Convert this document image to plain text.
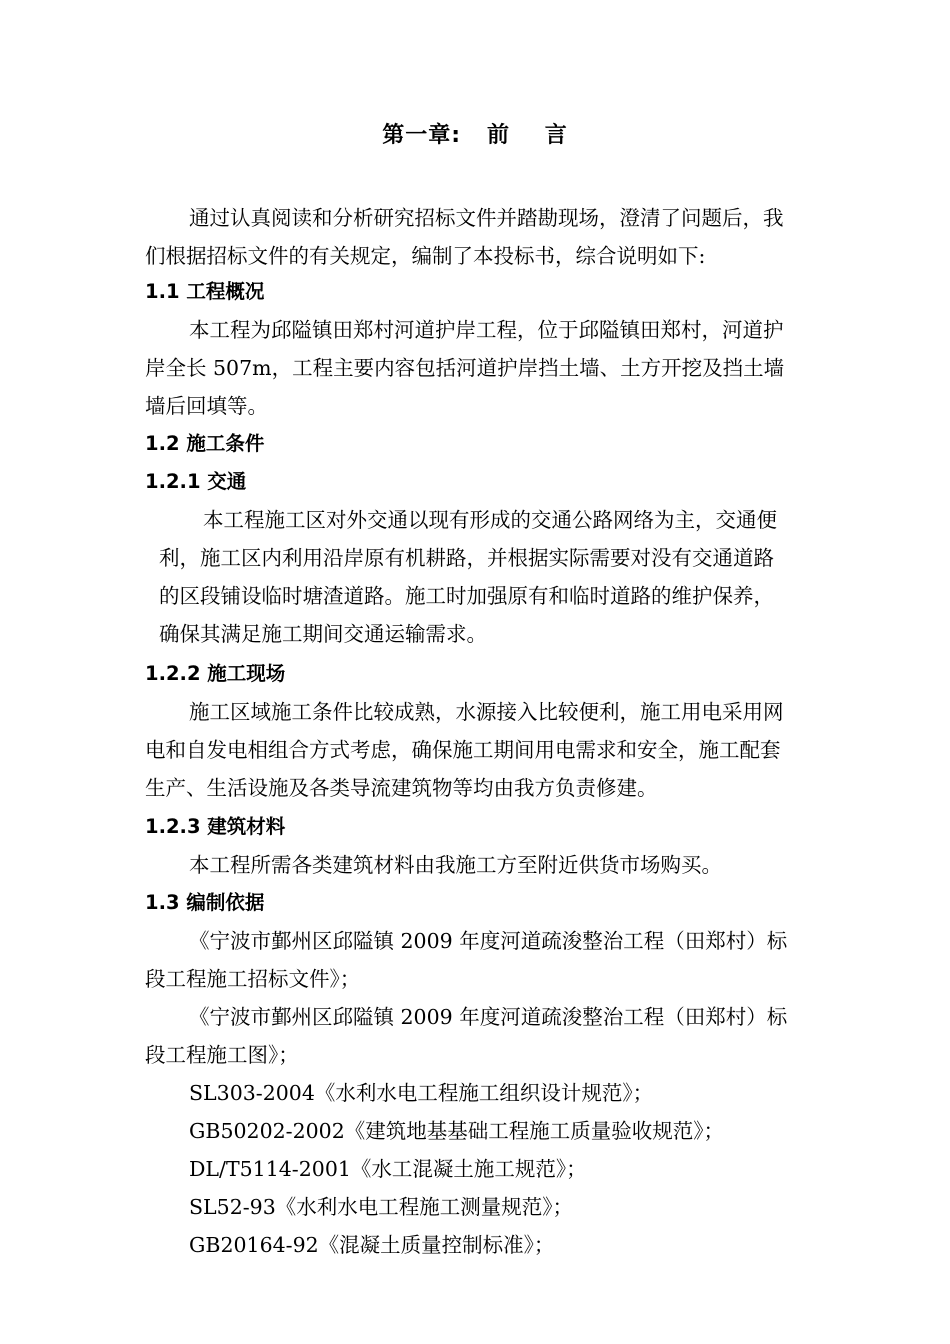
第一章:   前    言

通过认真阅读和分析研究招标文件并踏勘现场，澄清了问题后，我

们根据招标文件的有关规定，编制了本投标书，综合说明如下:

1.1 工程概况

本工程为邱隘镇田郑村河道护岸工程，位于邱隘镇田郑村，河道护

岸全长 507m，工程主要内容包括河道护岸挡土墙、土方开挖及挡土墙

墙后回填等。

1.2 施工条件

1.2.1 交通

本工程施工区对外交通以现有形成的交通公路网络为主，交通便

利，施工区内利用沿岸原有机耕路，并根据实际需要对没有交通道路

的区段铺设临时塘渣道路。施工时加强原有和临时道路的维护保养，

确保其满足施工期间交通运输需求。

1.2.2 施工现场

施工区域施工条件比较成熟，水源接入比较便利，施工用电采用网

电和自发电相组合方式考虑，确保施工期间用电需求和安全，施工配套

生产、生活设施及各类导流建筑物等均由我方负责修建。

1.2.3 建筑材料

本工程所需各类建筑材料由我施工方至附近供货市场购买。

1.3 编制依据

《宁波市鄞州区邱隘镇 2009 年度河道疏浚整治工程（田郑村）标

段工程施工招标文件》；

《宁波市鄞州区邱隘镇 2009 年度河道疏浚整治工程（田郑村）标

段工程施工图》；

SL303-2004《水利水电工程施工组织设计规范》；

GB50202-2002《建筑地基基础工程施工质量验收规范》；

DL/T5114-2001《水工混凝土施工规范》；

SL52-93《水利水电工程施工测量规范》；

GB20164-92《混凝土质量控制标准》；
